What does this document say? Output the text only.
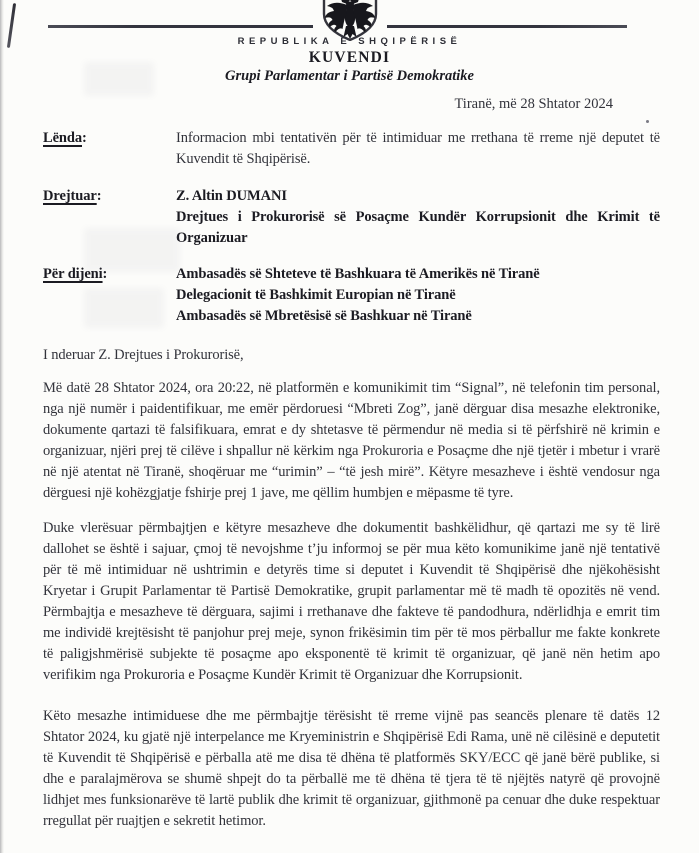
REPUBLIKA E SHQIPËRISË
KUVENDI
Grupi Parlamentar i Partisë Demokratike
Tiranë, më 28 Shtator 2024
Lënda:	Informacion mbi tentativën për të intimiduar me rrethana të rreme një deputet të Kuvendit të Shqipërisë.
Drejtuar:	Z. Altin DUMANI
Drejtues i Prokurorisë së Posaçme Kundër Korrupsionit dhe Krimit të Organizuar
Për dijeni:	Ambasadës së Shteteve të Bashkuara të Amerikës në Tiranë
Delegacionit të Bashkimit Europian në Tiranë
Ambasadës së Mbretësisë së Bashkuar në Tiranë
I nderuar Z. Drejtues i Prokurorisë,

Më datë 28 Shtator 2024, ora 20:22, në platformën e komunikimit tim “Signal”, në telefonin tim personal, nga një numër i paidentifikuar, me emër përdoruesi “Mbreti Zog”, janë dërguar disa mesazhe elektronike, dokumente qartazi të falsifikuara, emrat e dy shtetasve të përmendur në media si të përfshirë në krimin e organizuar, njëri prej të cilëve i shpallur në kërkim nga Prokuroria e Posaçme dhe një tjetër i mbetur i vrarë në një atentat në Tiranë, shoqëruar me “urimin” – “të jesh mirë”. Këtyre mesazheve i është vendosur nga dërguesi një kohëzgjatje fshirje prej 1 jave, me qëllim humbjen e mëpasme të tyre.

Duke vlerësuar përmbajtjen e këtyre mesazheve dhe dokumentit bashkëlidhur, që qartazi me sy të lirë dallohet se është i sajuar, çmoj të nevojshme t’ju informoj se për mua këto komunikime janë një tentativë për të më intimiduar në ushtrimin e detyrës time si deputet i Kuvendit të Shqipërisë dhe njëkohësisht Kryetar i Grupit Parlamentar të Partisë Demokratike, grupit parlamentar më të madh të opozitës në vend. Përmbajtja e mesazheve të dërguara, sajimi i rrethanave dhe fakteve të pandodhura, ndërlidhja e emrit tim me individë krejtësisht të panjohur prej meje, synon frikësimin tim për të mos përballur me fakte konkrete të paligjshmërisë subjekte të posaçme apo eksponentë të krimit të organizuar, që janë nën hetim apo verifikim nga Prokuroria e Posaçme Kundër Krimit të Organizuar dhe Korrupsionit.

Këto mesazhe intimiduese dhe me përmbajtje tërësisht të rreme vijnë pas seancës plenare të datës 12 Shtator 2024, ku gjatë një interpelance me Kryeministrin e Shqipërisë Edi Rama, unë në cilësinë e deputetit të Kuvendit të Shqipërisë e përballa atë me disa të dhëna të platformës SKY/ECC që janë bërë publike, si dhe e paralajmërova se shumë shpejt do ta përballë me të dhëna të tjera të të njëjtës natyrë që provojnë lidhjet mes funksionarëve të lartë publik dhe krimit të organizuar, gjithmonë pa cenuar dhe duke respektuar rregullat për ruajtjen e sekretit hetimor.
